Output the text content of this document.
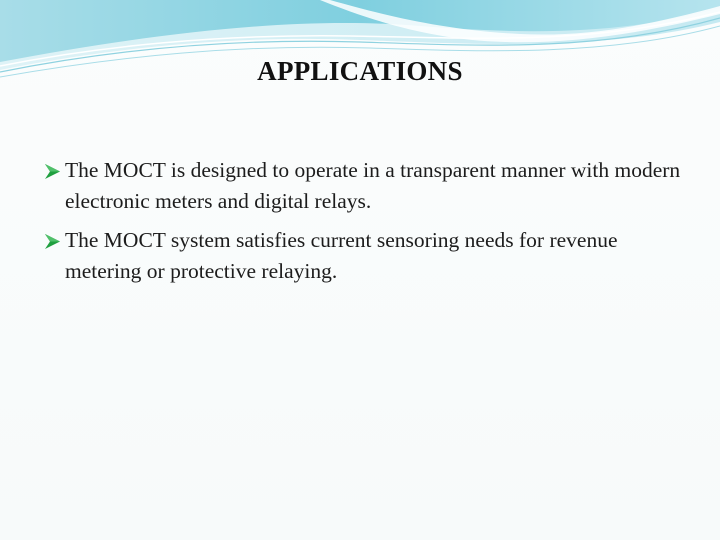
APPLICATIONS
The MOCT is designed to operate in a transparent manner with modern electronic meters and digital relays.
The MOCT system satisfies current sensoring needs for revenue metering or protective relaying.
